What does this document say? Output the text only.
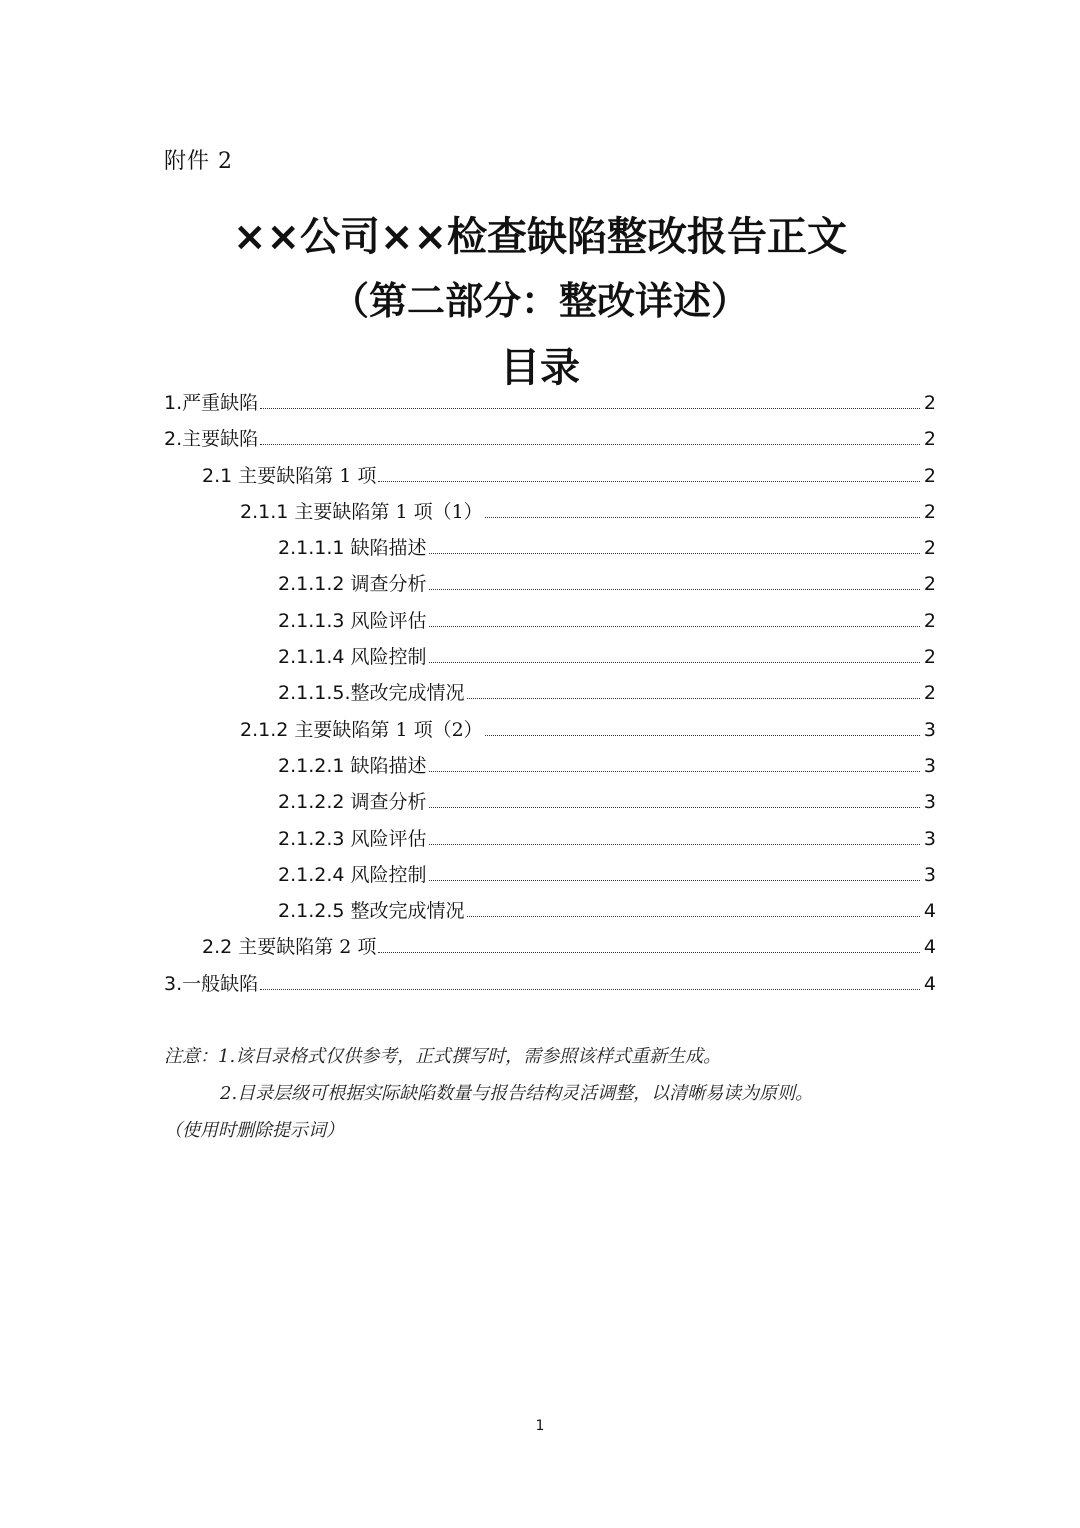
附件 2
××公司××检查缺陷整改报告正文
（第二部分：整改详述）
目录
1.严重缺陷	2
2.主要缺陷	2
2.1 主要缺陷第 1 项	2
2.1.1 主要缺陷第 1 项（1）	2
2.1.1.1 缺陷描述	2
2.1.1.2 调查分析	2
2.1.1.3 风险评估	2
2.1.1.4 风险控制	2
2.1.1.5.整改完成情况	2
2.1.2 主要缺陷第 1 项（2）	3
2.1.2.1 缺陷描述	3
2.1.2.2 调查分析	3
2.1.2.3 风险评估	3
2.1.2.4 风险控制	3
2.1.2.5 整改完成情况	4
2.2 主要缺陷第 2 项	4
3.一般缺陷	4
注意：1.该目录格式仅供参考，正式撰写时，需参照该样式重新生成。
2.目录层级可根据实际缺陷数量与报告结构灵活调整，以清晰易读为原则。
（使用时删除提示词）
1
